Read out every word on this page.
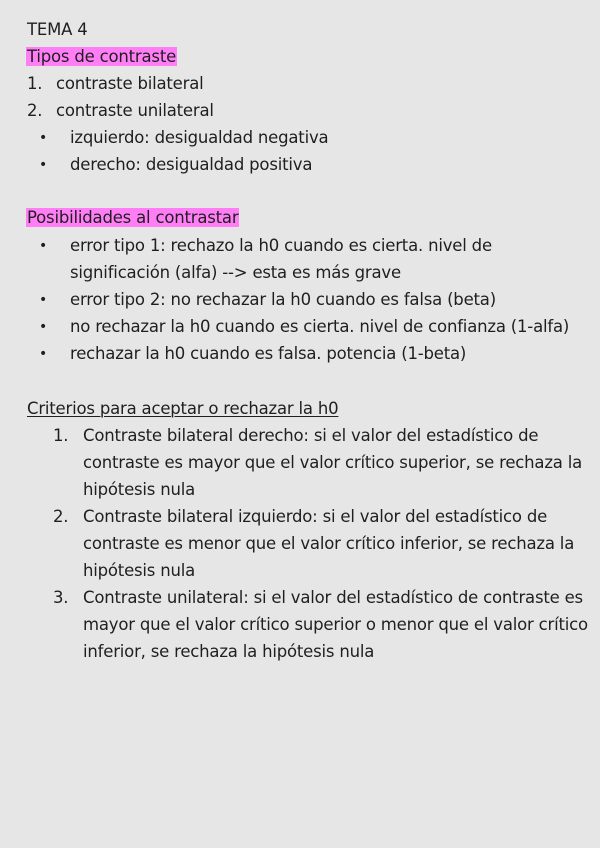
TEMA 4
Tipos de contraste
1. contraste bilateral
2. contraste unilateral
• izquierdo: desigualdad negativa
• derecho: desigualdad positiva
Posibilidades al contrastar
• error tipo 1: rechazo la h0 cuando es cierta. nivel de
significación (alfa) --> esta es más grave
• error tipo 2: no rechazar la h0 cuando es falsa (beta)
• no rechazar la h0 cuando es cierta. nivel de confianza (1-alfa)
• rechazar la h0 cuando es falsa. potencia (1-beta)
Criterios para aceptar o rechazar la h0
1. Contraste bilateral derecho: si el valor del estadístico de
contraste es mayor que el valor crítico superior, se rechaza la
hipótesis nula
2. Contraste bilateral izquierdo: si el valor del estadístico de
contraste es menor que el valor crítico inferior, se rechaza la
hipótesis nula
3. Contraste unilateral: si el valor del estadístico de contraste es
mayor que el valor crítico superior o menor que el valor crítico
inferior, se rechaza la hipótesis nula
